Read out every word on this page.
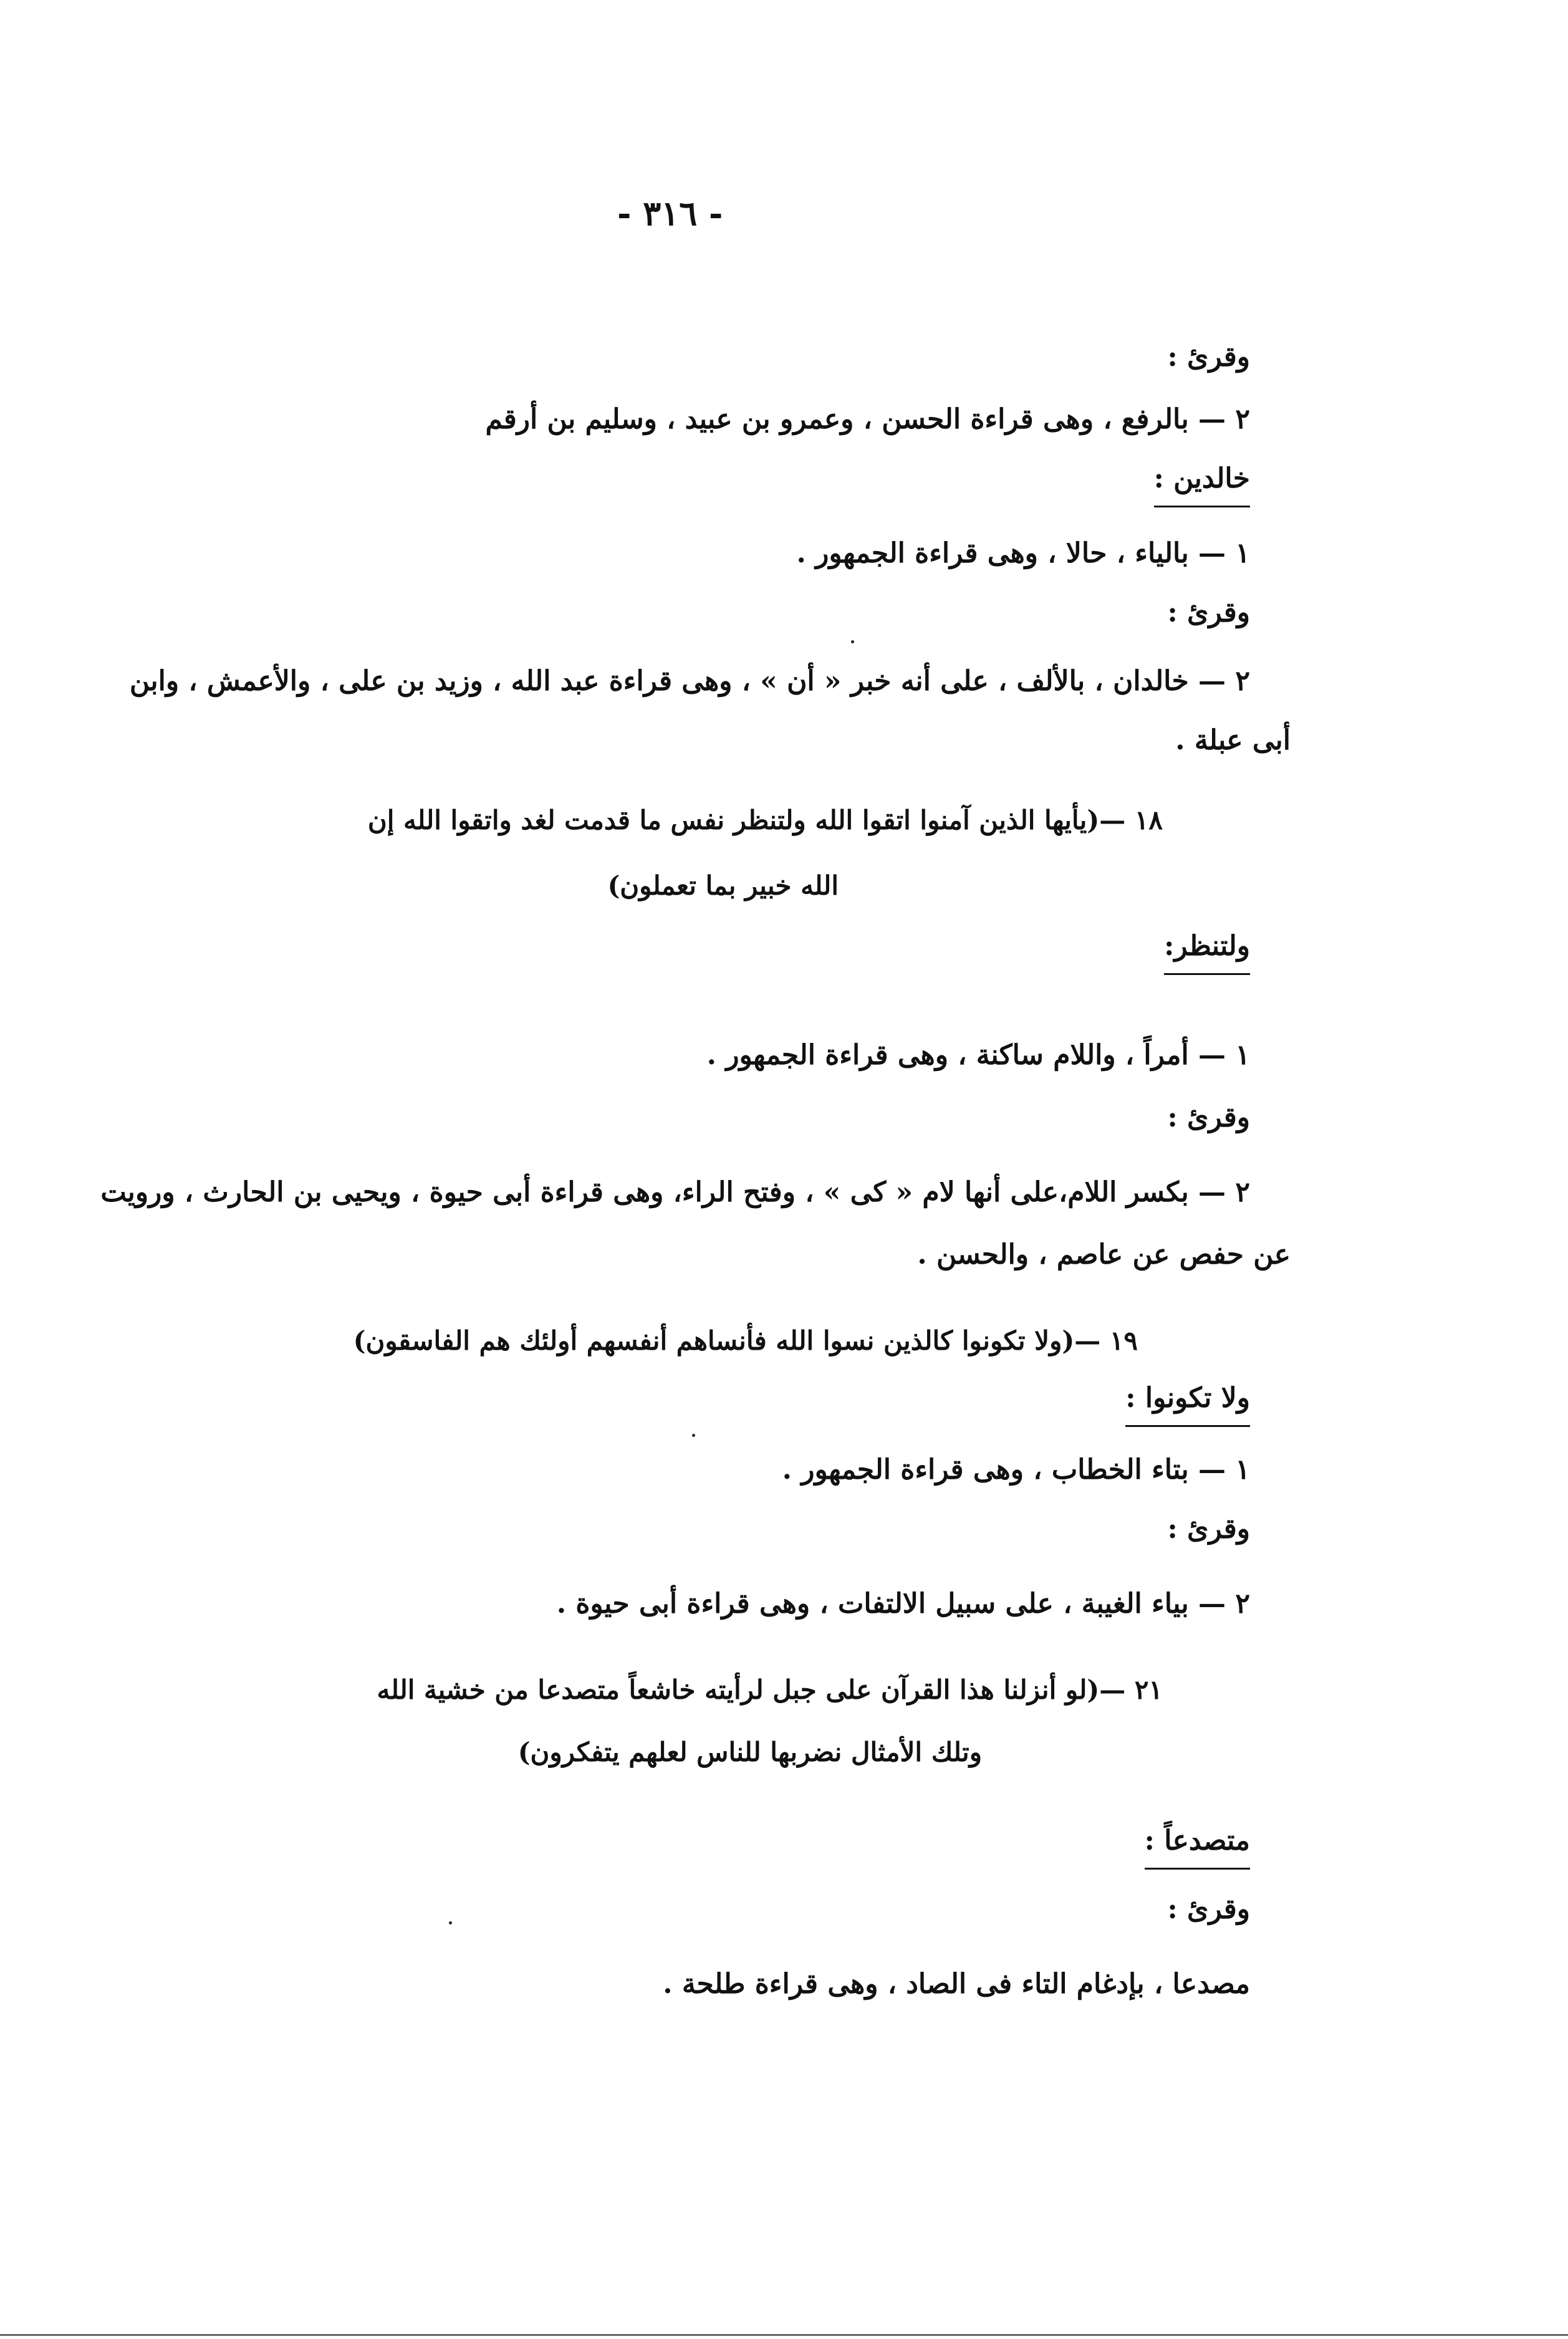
- ٣١٦ -

وقرئ :

٢ — بالرفع ، وهى قراءة الحسن ، وعمرو بن عبيد ، وسليم بن أرقم

خالدين :

١ — بالياء ، حالا ، وهى قراءة الجمهور .

وقرئ :

٢ — خالدان ، بالألف ، على أنه خبر « أن » ، وهى قراءة عبد الله ، وزيد بن على ، والأعمش ، وابن

أبى عبلة .

١٨ —(يأيها الذين آمنوا اتقوا الله ولتنظر نفس ما قدمت لغد واتقوا الله إن

الله خبير بما تعملون)

ولتنظر:

١ — أمراً ، واللام ساكنة ، وهى قراءة الجمهور .

وقرئ :

٢ — بكسر اللام،على أنها لام « كى » ، وفتح الراء، وهى قراءة أبى حيوة ، ويحيى بن الحارث ، ورويت

عن حفص عن عاصم ، والحسن .

١٩ —(ولا تكونوا كالذين نسوا الله فأنساهم أنفسهم أولئك هم الفاسقون)

ولا تكونوا :

١ — بتاء الخطاب ، وهى قراءة الجمهور .

وقرئ :

٢ — بياء الغيبة ، على سبيل الالتفات ، وهى قراءة أبى حيوة .

٢١ —(لو أنزلنا هذا القرآن على جبل لرأيته خاشعاً متصدعا من خشية الله

وتلك الأمثال نضربها للناس لعلهم يتفكرون)

متصدعاً :

وقرئ :

مصدعا ، بإدغام التاء فى الصاد ، وهى قراءة طلحة .
